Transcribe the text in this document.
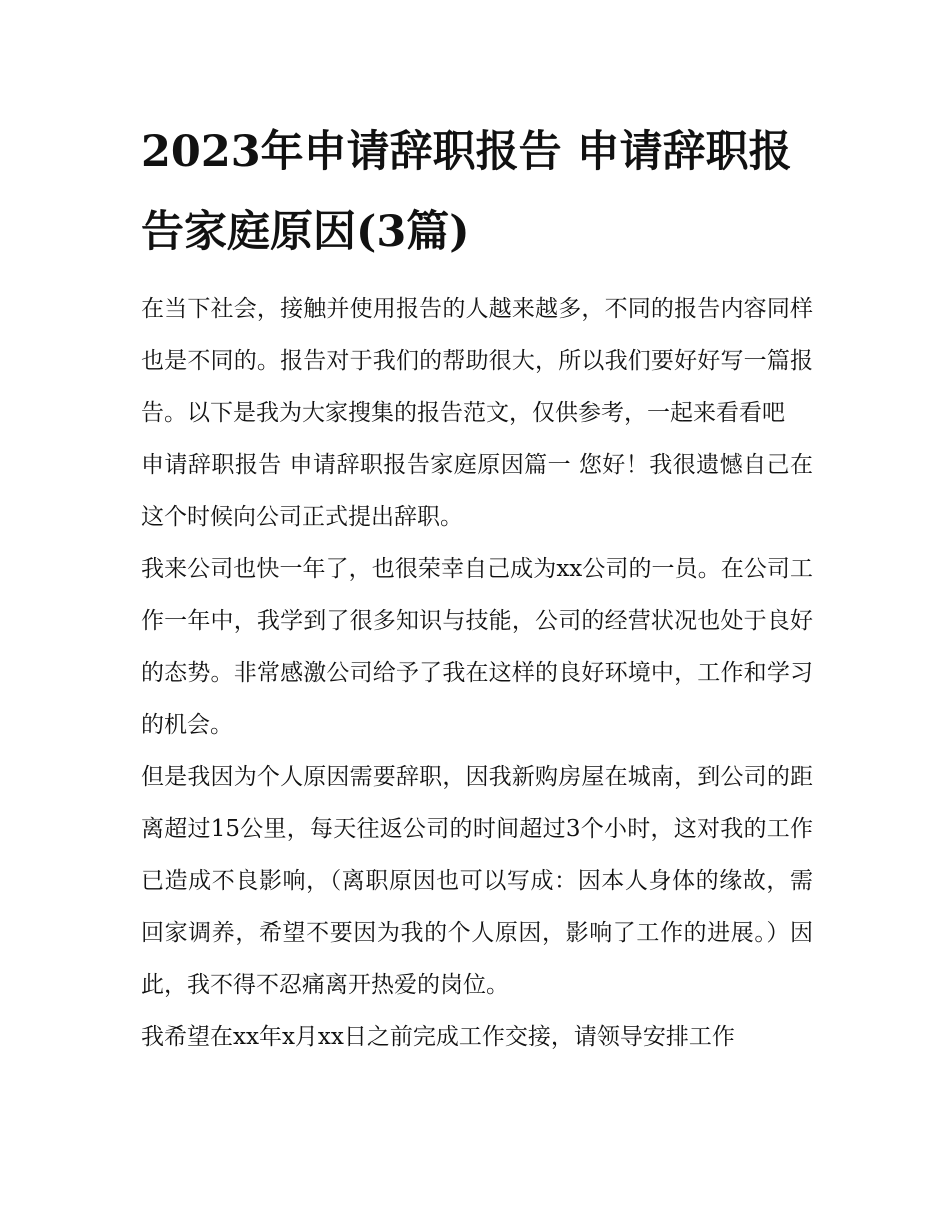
2023年申请辞职报告 申请辞职报告家庭原因(3篇)

在当下社会，接触并使用报告的人越来越多，不同的报告内容同样也是不同的。报告对于我们的帮助很大，所以我们要好好写一篇报告。以下是我为大家搜集的报告范文，仅供参考，一起来看看吧

申请辞职报告 申请辞职报告家庭原因篇一 您好！我很遗憾自己在这个时候向公司正式提出辞职。

我来公司也快一年了，也很荣幸自己成为xx公司的一员。在公司工作一年中，我学到了很多知识与技能，公司的经营状况也处于良好的态势。非常感激公司给予了我在这样的良好环境中，工作和学习的机会。

但是我因为个人原因需要辞职，因我新购房屋在城南，到公司的距离超过15公里，每天往返公司的时间超过3个小时，这对我的工作已造成不良影响，（离职原因也可以写成：因本人身体的缘故，需回家调养，希望不要因为我的个人原因，影响了工作的进展。）因此，我不得不忍痛离开热爱的岗位。

我希望在xx年x月xx日之前完成工作交接，请领导安排工作
